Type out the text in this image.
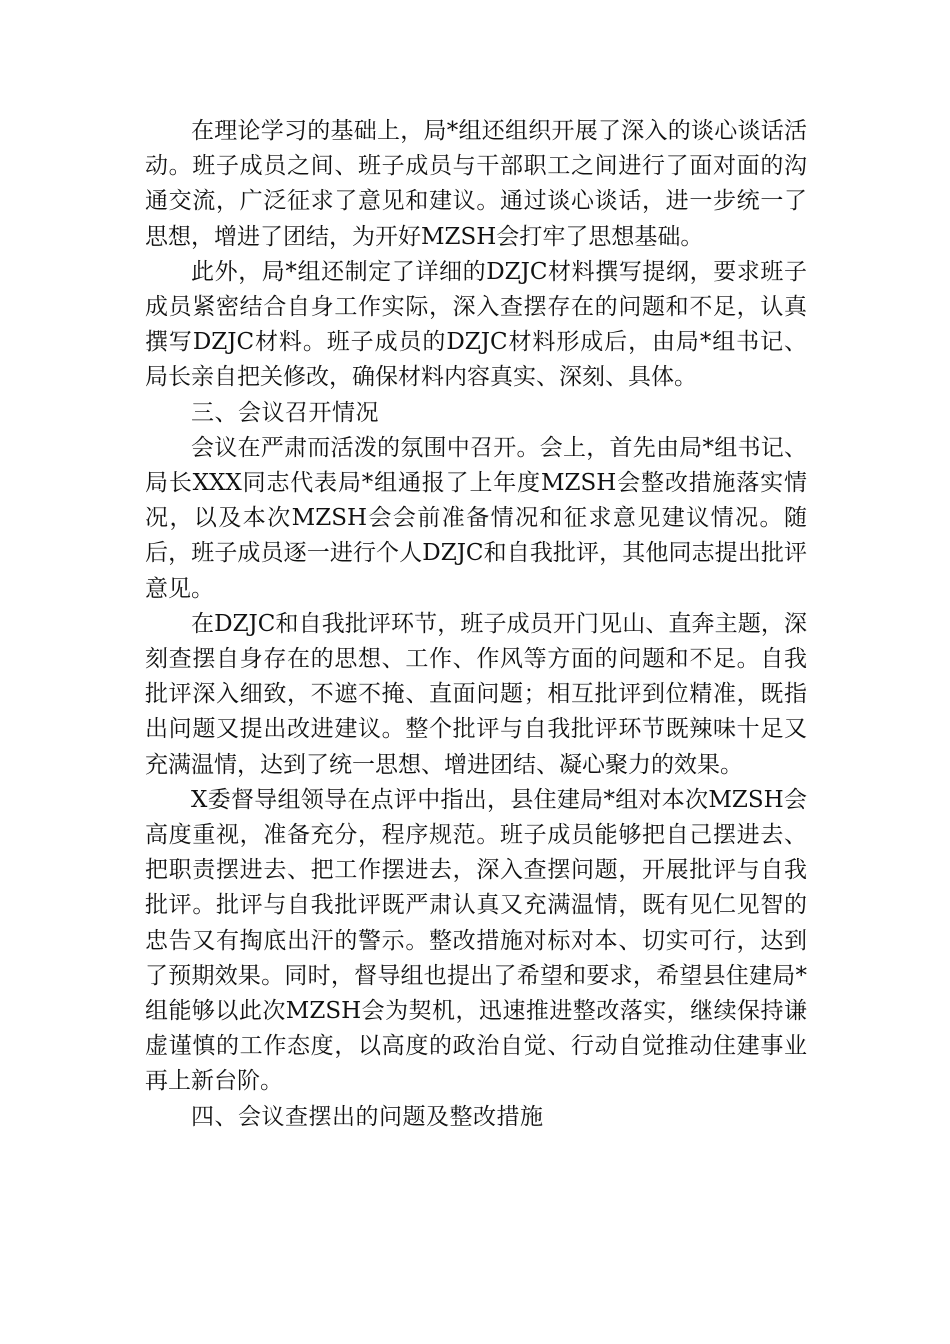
在理论学习的基础上，局*组还组织开展了深入的谈心谈话活动。班子成员之间、班子成员与干部职工之间进行了面对面的沟通交流，广泛征求了意见和建议。通过谈心谈话，进一步统一了思想，增进了团结，为开好MZSH会打牢了思想基础。

此外，局*组还制定了详细的DZJC材料撰写提纲，要求班子成员紧密结合自身工作实际，深入查摆存在的问题和不足，认真撰写DZJC材料。班子成员的DZJC材料形成后，由局*组书记、局长亲自把关修改，确保材料内容真实、深刻、具体。

三、会议召开情况

会议在严肃而活泼的氛围中召开。会上，首先由局*组书记、局长XXX同志代表局*组通报了上年度MZSH会整改措施落实情况，以及本次MZSH会会前准备情况和征求意见建议情况。随后，班子成员逐一进行个人DZJC和自我批评，其他同志提出批评意见。

在DZJC和自我批评环节，班子成员开门见山、直奔主题，深刻查摆自身存在的思想、工作、作风等方面的问题和不足。自我批评深入细致，不遮不掩、直面问题；相互批评到位精准，既指出问题又提出改进建议。整个批评与自我批评环节既辣味十足又充满温情，达到了统一思想、增进团结、凝心聚力的效果。

X委督导组领导在点评中指出，县住建局*组对本次MZSH会高度重视，准备充分，程序规范。班子成员能够把自己摆进去、把职责摆进去、把工作摆进去，深入查摆问题，开展批评与自我批评。批评与自我批评既严肃认真又充满温情，既有见仁见智的忠告又有掏底出汗的警示。整改措施对标对本、切实可行，达到了预期效果。同时，督导组也提出了希望和要求，希望县住建局*组能够以此次MZSH会为契机，迅速推进整改落实，继续保持谦虚谨慎的工作态度，以高度的政治自觉、行动自觉推动住建事业再上新台阶。

四、会议查摆出的问题及整改措施
